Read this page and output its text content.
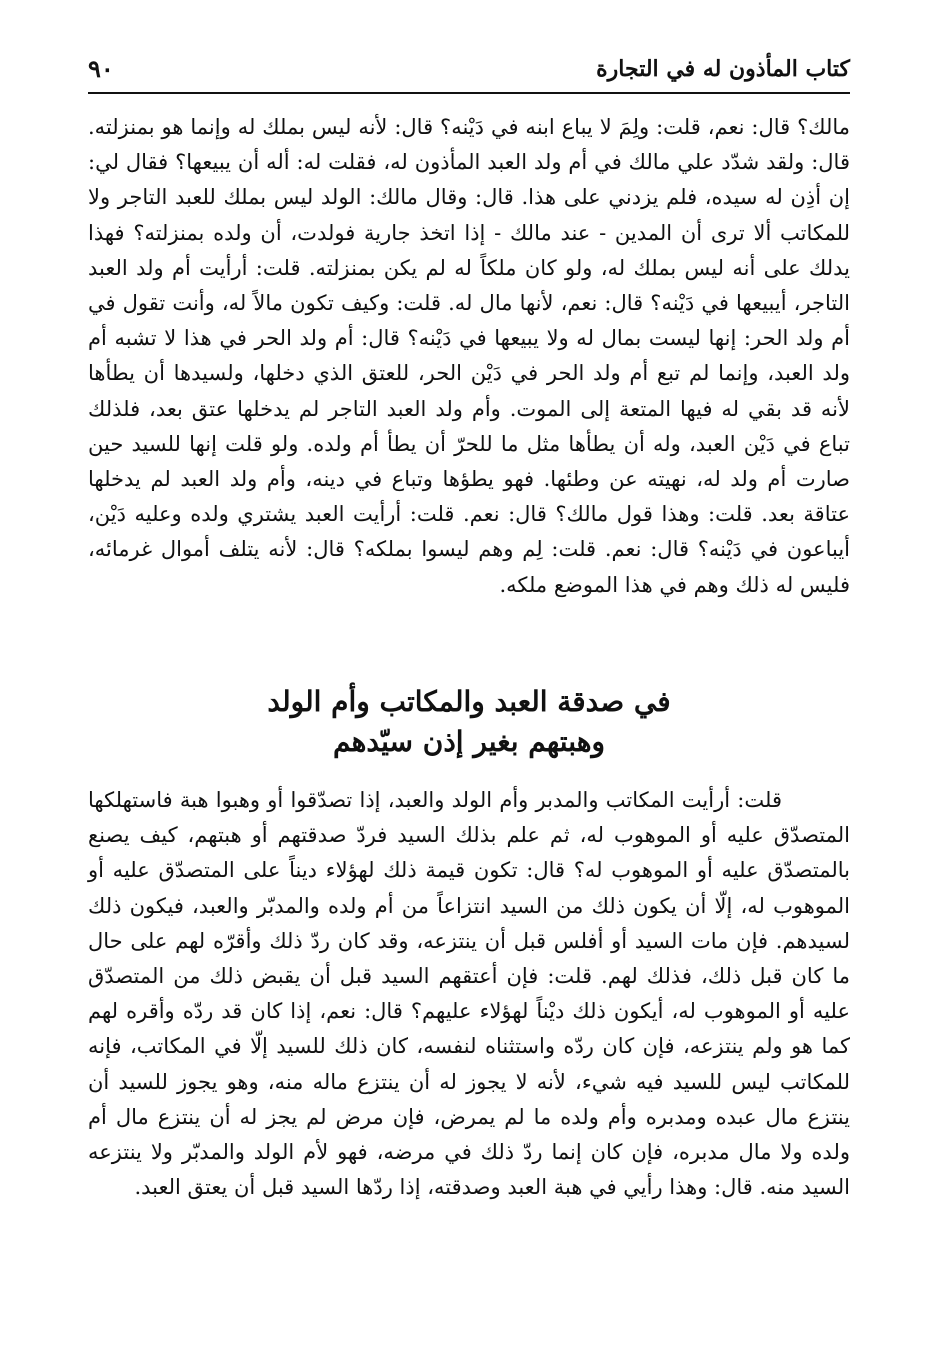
كتاب المأذون له في التجارة
٩٠

مالك؟ قال: نعم، قلت: ولِمَ لا يباع ابنه في دَيْنه؟ قال: لأنه ليس بملك له وإنما هو بمنزلته. قال: ولقد شدّد علي مالك في أم ولد العبد المأذون له، فقلت له: أله أن يبيعها؟ فقال لي: إن أذِن له سيده، فلم يزدني على هذا. قال: وقال مالك: الولد ليس بملك للعبد التاجر ولا للمكاتب ألا ترى أن المدين - عند مالك - إذا اتخذ جارية فولدت، أن ولده بمنزلته؟ فهذا يدلك على أنه ليس بملك له، ولو كان ملكاً له لم يكن بمنزلته. قلت: أرأيت أم ولد العبد التاجر، أيبيعها في دَيْنه؟ قال: نعم، لأنها مال له. قلت: وكيف تكون مالاً له، وأنت تقول في أم ولد الحر: إنها ليست بمال له ولا يبيعها في دَيْنه؟ قال: أم ولد الحر في هذا لا تشبه أم ولد العبد، وإنما لم تبع أم ولد الحر في دَيْن الحر، للعتق الذي دخلها، ولسيدها أن يطأها لأنه قد بقي له فيها المتعة إلى الموت. وأم ولد العبد التاجر لم يدخلها عتق بعد، فلذلك تباع في دَيْن العبد، وله أن يطأها مثل ما للحرّ أن يطأ أم ولده. ولو قلت إنها للسيد حين صارت أم ولد له، نهيته عن وطئها. فهو يطؤها وتباع في دينه، وأم ولد العبد لم يدخلها عتاقة بعد. قلت: وهذا قول مالك؟ قال: نعم. قلت: أرأيت العبد يشتري ولده وعليه دَيْن، أيباعون في دَيْنه؟ قال: نعم. قلت: لِم وهم ليسوا بملكه؟ قال: لأنه يتلف أموال غرمائه، فليس له ذلك وهم في هذا الموضع ملكه.

في صدقة العبد والمكاتب وأم الولد
وهبتهم بغير إذن سيّدهم

قلت: أرأيت المكاتب والمدبر وأم الولد والعبد، إذا تصدّقوا أو وهبوا هبة فاستهلكها المتصدّق عليه أو الموهوب له، ثم علم بذلك السيد فردّ صدقتهم أو هبتهم، كيف يصنع بالمتصدّق عليه أو الموهوب له؟ قال: تكون قيمة ذلك لهؤلاء ديناً على المتصدّق عليه أو الموهوب له، إلّا أن يكون ذلك من السيد انتزاعاً من أم ولده والمدبّر والعبد، فيكون ذلك لسيدهم. فإن مات السيد أو أفلس قبل أن ينتزعه، وقد كان ردّ ذلك وأقرّه لهم على حال ما كان قبل ذلك، فذلك لهم. قلت: فإن أعتقهم السيد قبل أن يقبض ذلك من المتصدّق عليه أو الموهوب له، أيكون ذلك ديْناً لهؤلاء عليهم؟ قال: نعم، إذا كان قد ردّه وأقره لهم كما هو ولم ينتزعه، فإن كان ردّه واستثناه لنفسه، كان ذلك للسيد إلّا في المكاتب، فإنه للمكاتب ليس للسيد فيه شيء، لأنه لا يجوز له أن ينتزع ماله منه، وهو يجوز للسيد أن ينتزع مال عبده ومدبره وأم ولده ما لم يمرض، فإن مرض لم يجز له أن ينتزع مال أم ولده ولا مال مدبره، فإن كان إنما ردّ ذلك في مرضه، فهو لأم الولد والمدبّر ولا ينتزعه السيد منه. قال: وهذا رأيي في هبة العبد وصدقته، إذا ردّها السيد قبل أن يعتق العبد.
